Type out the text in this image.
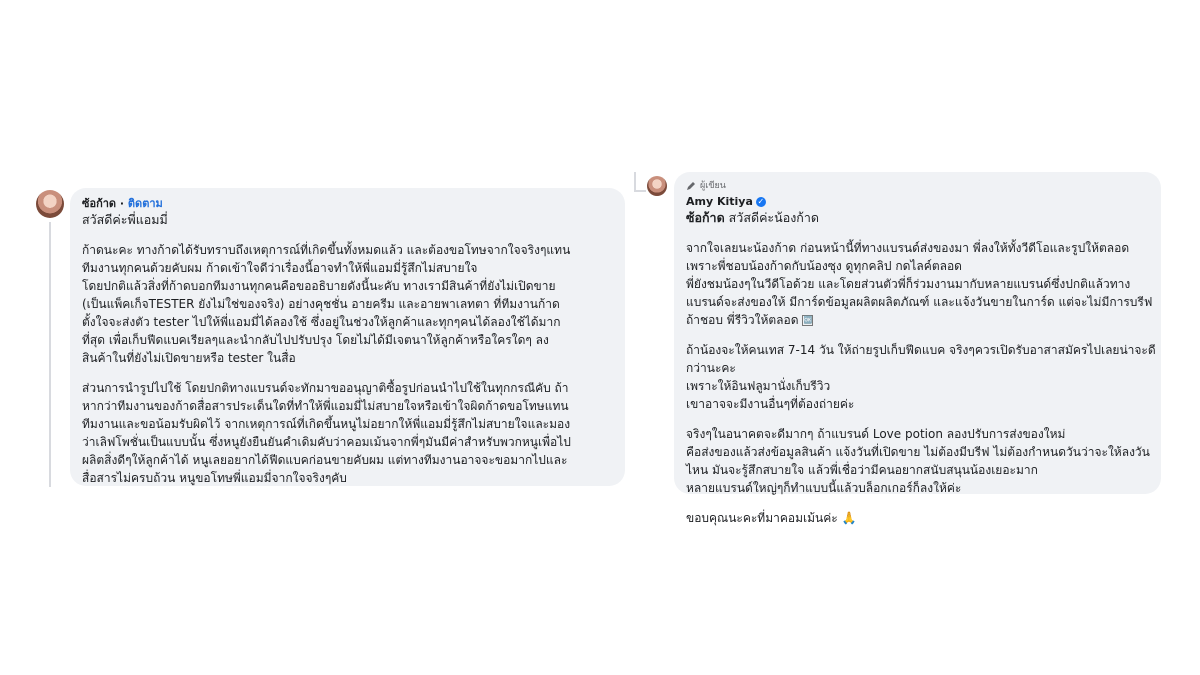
ซ้อก้าด · ติดตาม

สวัสดีค่ะพี่แอมมี่

ก้าดนะคะ ทางก้าดได้รับทราบถึงเหตุการณ์ที่เกิดขึ้นทั้งหมดแล้ว และต้องขอโทษจากใจจริงๆแทน

ทีมงานทุกคนด้วยคับผม ก้าดเข้าใจดีว่าเรื่องนี้อาจทำให้พี่แอมมี่รู้สึกไม่สบายใจ

โดยปกติแล้วสิ่งที่ก้าดบอกทีมงานทุกคนคือขออธิบายดังนี้นะคับ ทางเรามีสินค้าที่ยังไม่เปิดขาย

(เป็นแพ็คเก็จTESTER ยังไม่ใช่ของจริง) อย่างคุชชั่น อายครีม และอายพาเลทตา ที่ทีมงานก้าด

ตั้งใจจะส่งตัว tester ไปให้พี่แอมมี่ได้ลองใช้ ซึ่งอยู่ในช่วงให้ลูกค้าและทุกๆคนได้ลองใช้ได้มาก

ที่สุด เพื่อเก็บฟีดแบคเรียลๆและนำกลับไปปรับปรุง โดยไม่ได้มีเจตนาให้ลูกค้าหรือใครใดๆ ลง

สินค้าในที่ยังไม่เปิดขายหรือ tester ในสื่อ

ส่วนการนำรูปไปใช้ โดยปกติทางแบรนด์จะทักมาขออนุญาติซื้อรูปก่อนนำไปใช้ในทุกกรณีคับ ถ้า

หากว่าทีมงานของก้าดสื่อสารประเด็นใดที่ทำให้พี่แอมมี่ไม่สบายใจหรือเข้าใจผิดก้าดขอโทษแทน

ทีมงานและขอน้อมรับผิดไว้ จากเหตุการณ์ที่เกิดขึ้นหนูไม่อยากให้พี่แอมมี่รู้สึกไม่สบายใจและมอง

ว่าเลิฟโพชั่นเป็นแบบนั้น ซึ่งหนูยังยืนยันคำเดิมคับว่าคอมเม้นจากพี่ๆมันมีค่าสำหรับพวกหนูเพื่อไป

ผลิตสิ่งดีๆให้ลูกค้าได้ หนูเลยอยากได้ฟีดแบคก่อนขายคับผม แต่ทางทีมงานอาจจะขอมากไปและ

สื่อสารไม่ครบถ้วน หนูขอโทษพี่แอมมี่จากใจจริงๆคับ

ผู้เขียน
Amy Kitiya ✓

ซ้อก้าด สวัสดีค่ะน้องก้าด

จากใจเลยนะน้องก้าด ก่อนหน้านี้ที่ทางแบรนด์ส่งของมา พี่ลงให้ทั้งวีดีโอและรูปให้ตลอด

เพราะพี่ชอบน้องก้าดกับน้องซุง ดูทุกคลิป กดไลค์ตลอด

พี่ยังชมน้องๆในวีดีโอด้วย และโดยส่วนตัวพี่ก็ร่วมงานมากับหลายแบรนด์ซึ่งปกติแล้วทาง

แบรนด์จะส่งของให้ มีการ์ดข้อมูลผลิตผลิตภัณฑ์ และแจ้งวันขายในการ์ด แต่จะไม่มีการบรีฟ

ถ้าชอบ พี่รีวิวให้ตลอด 🆗

ถ้าน้องจะให้คนเทส 7-14 วัน ให้ถ่ายรูปเก็บฟีดแบค จริงๆควรเปิดรับอาสาสมัครไปเลยน่าจะดี

กว่านะคะ

เพราะให้อินฟลูมานั่งเก็บรีวิว

เขาอาจจะมีงานอื่นๆที่ต้องถ่ายค่ะ

จริงๆในอนาคตจะดีมากๆ ถ้าแบรนด์ Love potion ลองปรับการส่งของใหม่

คือส่งของแล้วส่งข้อมูลสินค้า แจ้งวันที่เปิดขาย ไม่ต้องมีบรีฟ ไม่ต้องกำหนดวันว่าจะให้ลงวัน

ไหน มันจะรู้สึกสบายใจ แล้วพี่เชื่อว่ามีคนอยากสนับสนุนน้องเยอะมาก

หลายแบรนด์ใหญ่ๆก็ทำแบบนี้แล้วบล็อกเกอร์ก็ลงให้ค่ะ

ขอบคุณนะคะที่มาคอมเม้นค่ะ 🙏
